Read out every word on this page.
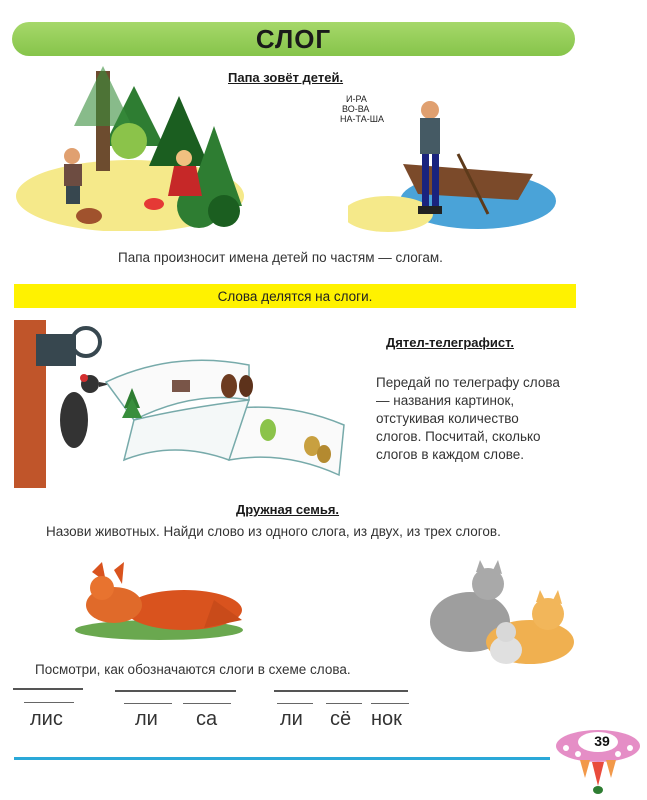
СЛОГ
Папа зовёт детей.
И-РА
ВО-ВА
НА-ТА-ША
Папа произносит имена детей по частям — слогам.
Слова делятся на слоги.
Дятел-телеграфист.
Передай по телеграфу слова
— названия картинок,
отстукивая количество
слогов. Посчитай, сколько
слогов в каждом слове.
Дружная семья.
Назови животных. Найди слово из одного слога, из двух, из трех слогов.
Посмотри, как обозначаются слоги в схеме слова.
лис	ли са	ли сё нок
39
